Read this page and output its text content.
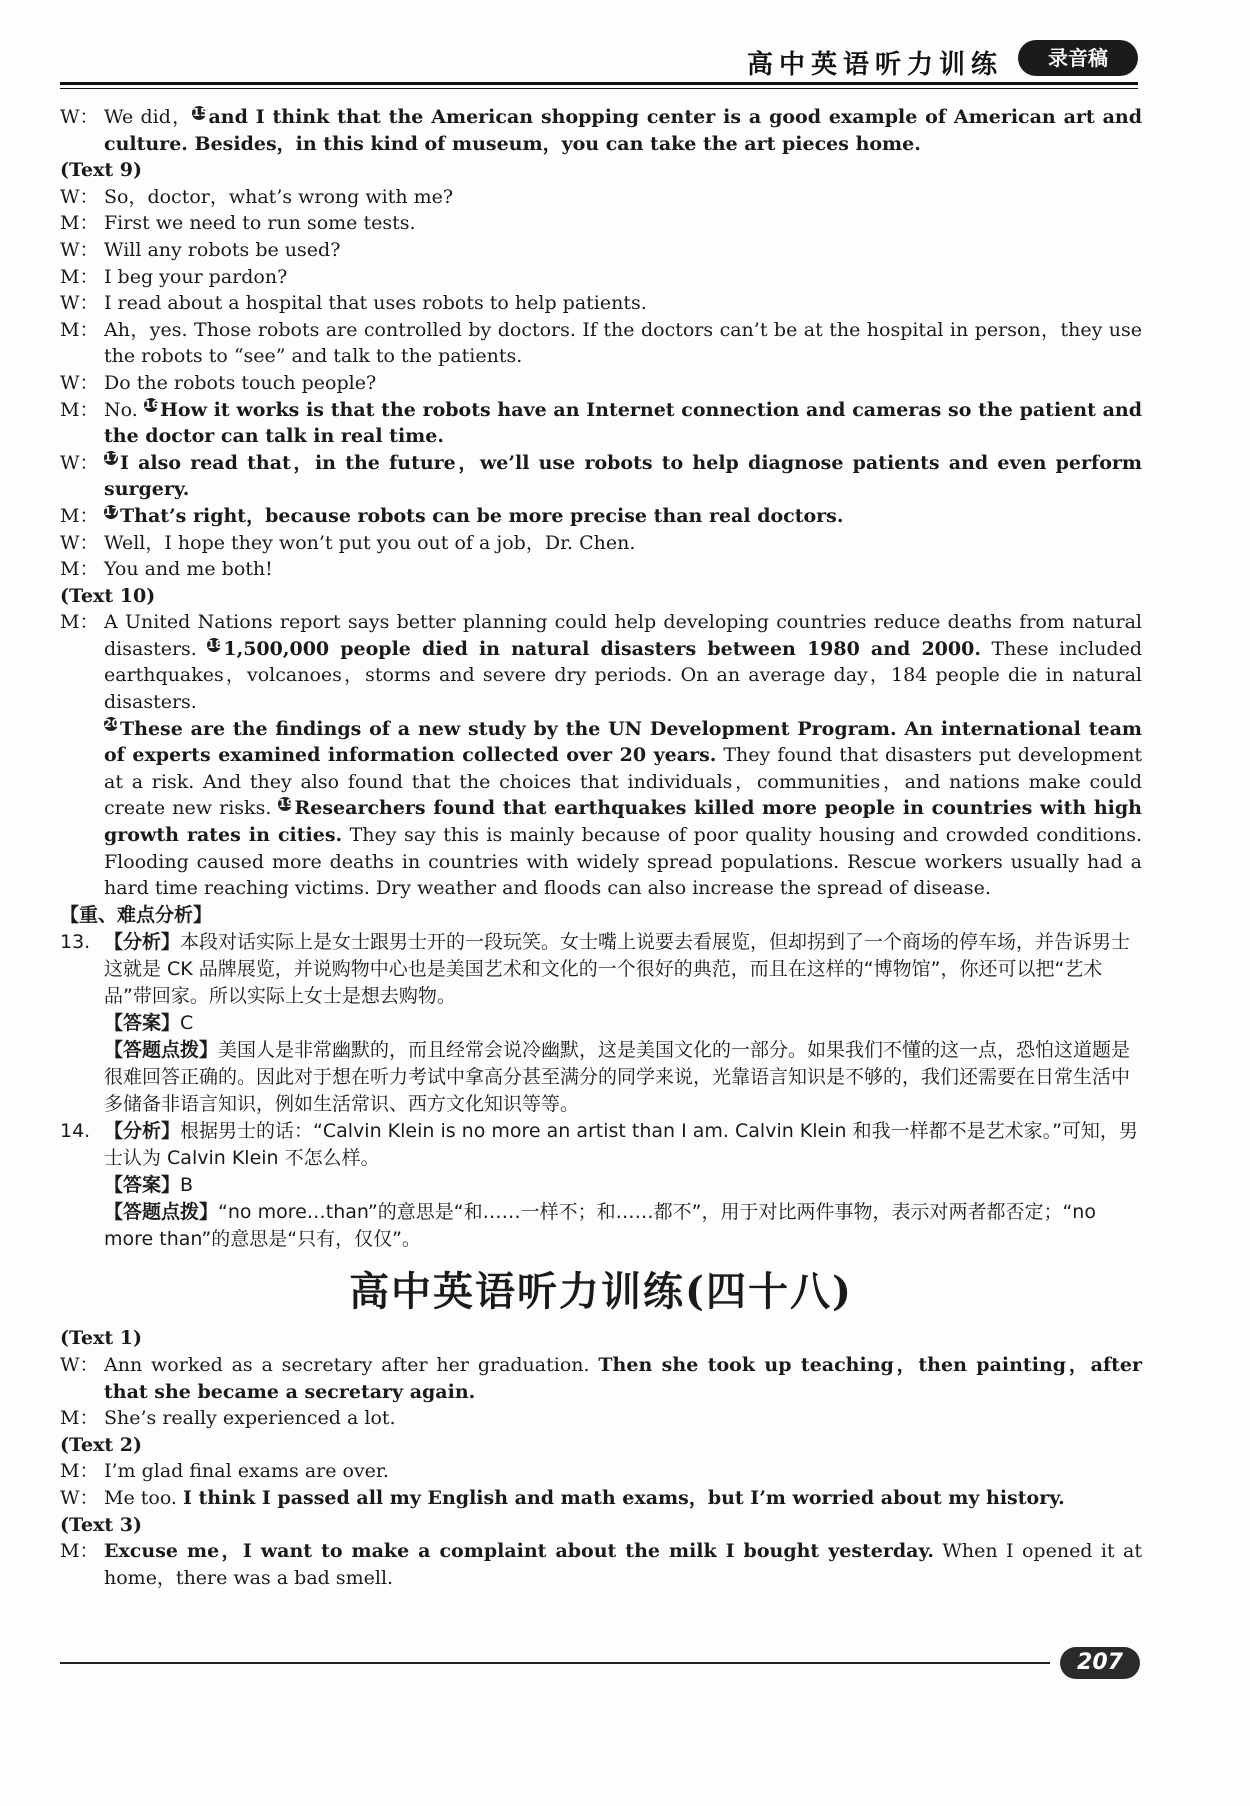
高中英语听力训练	录音稿
W： We did，15and I think that the American shopping center is a good example of American art and culture. Besides，in this kind of museum，you can take the art pieces home.
(Text 9)
W： So，doctor，what’s wrong with me?
M： First we need to run some tests.
W： Will any robots be used?
M： I beg your pardon?
W： I read about a hospital that uses robots to help patients.
M： Ah，yes. Those robots are controlled by doctors. If the doctors can’t be at the hospital in person，they use the robots to “see” and talk to the patients.
W： Do the robots touch people?
M： No. 16How it works is that the robots have an Internet connection and cameras so the patient and the doctor can talk in real time.
W： 17I also read that，in the future，we’ll use robots to help diagnose patients and even perform surgery.
M： 17That’s right，because robots can be more precise than real doctors.
W： Well，I hope they won’t put you out of a job，Dr. Chen.
M： You and me both!
(Text 10)
M： A United Nations report says better planning could help developing countries reduce deaths from natural disasters. 181,500,000 people died in natural disasters between 1980 and 2000. These included earthquakes，volcanoes，storms and severe dry periods. On an average day，184 people die in natural disasters.
20These are the findings of a new study by the UN Development Program. An international team of experts examined information collected over 20 years. They found that disasters put development at a risk. And they also found that the choices that individuals，communities，and nations make could create new risks. 19Researchers found that earthquakes killed more people in countries with high growth rates in cities. They say this is mainly because of poor quality housing and crowded conditions. Flooding caused more deaths in countries with widely spread populations. Rescue workers usually had a hard time reaching victims. Dry weather and floods can also increase the spread of disease.
【重、难点分析】
13. 【分析】本段对话实际上是女士跟男士开的一段玩笑。女士嘴上说要去看展览，但却拐到了一个商场的停车场，并告诉男士这就是 CK 品牌展览，并说购物中心也是美国艺术和文化的一个很好的典范，而且在这样的“博物馆”，你还可以把“艺术品”带回家。所以实际上女士是想去购物。
【答案】C
【答题点拨】美国人是非常幽默的，而且经常会说冷幽默，这是美国文化的一部分。如果我们不懂的这一点，恐怕这道题是很难回答正确的。因此对于想在听力考试中拿高分甚至满分的同学来说，光靠语言知识是不够的，我们还需要在日常生活中多储备非语言知识，例如生活常识、西方文化知识等等。
14. 【分析】根据男士的话：“Calvin Klein is no more an artist than I am. Calvin Klein 和我一样都不是艺术家。”可知，男士认为 Calvin Klein 不怎么样。
【答案】B
【答题点拨】“no more…than”的意思是“和……一样不；和……都不”，用于对比两件事物，表示对两者都否定；“no more than”的意思是“只有，仅仅”。
高中英语听力训练(四十八)
(Text 1)
W： Ann worked as a secretary after her graduation. Then she took up teaching，then painting，after that she became a secretary again.
M： She’s really experienced a lot.
(Text 2)
M： I’m glad final exams are over.
W： Me too. I think I passed all my English and math exams，but I’m worried about my history.
(Text 3)
M： Excuse me，I want to make a complaint about the milk I bought yesterday. When I opened it at home，there was a bad smell.
207
